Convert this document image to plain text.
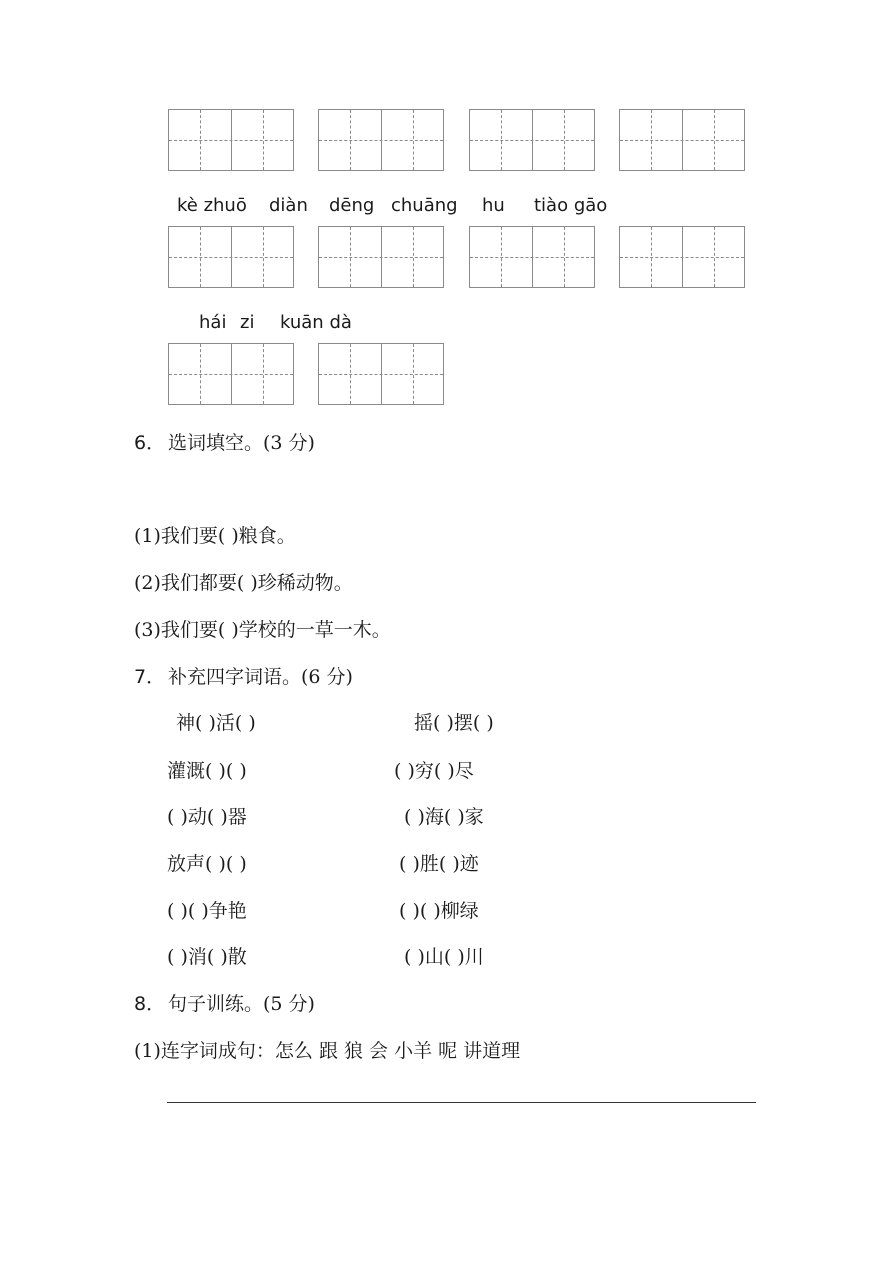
kè zhuō diàn dēng chuāng hu tiào gāo
hái zi kuān dà
6． 选词填空。(3 分)
(1)我们要( )粮食。
(2)我们都要( )珍稀动物。
(3)我们要( )学校的一草一木。
7． 补充四字词语。(6 分)
神( )活( )
灌溉( )( )
( )动( )器
放声( )( )
( )( )争艳
( )消( )散
摇( )摆( )
( )穷( )尽
( )海( )家
( )胜( )迹
( )( )柳绿
( )山( )川
8． 句子训练。(5 分)
(1)连字词成句：怎么 跟 狼 会 小羊 呢 讲道理
